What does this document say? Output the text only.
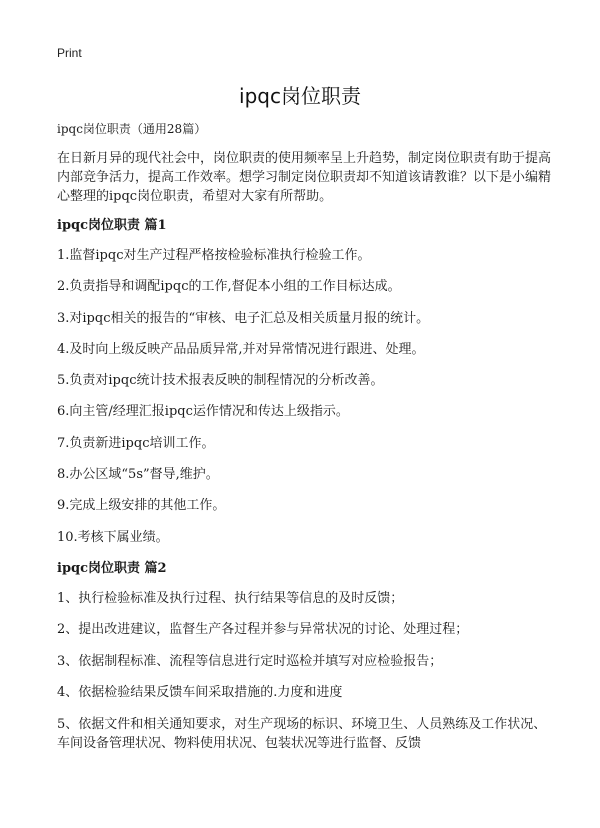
Print
ipqc岗位职责
ipqc岗位职责（通用28篇）
在日新月异的现代社会中，岗位职责的使用频率呈上升趋势，制定岗位职责有助于提高内部竞争活力，提高工作效率。想学习制定岗位职责却不知道该请教谁？以下是小编精心整理的ipqc岗位职责，希望对大家有所帮助。
ipqc岗位职责 篇1
1.监督ipqc对生产过程严格按检验标准执行检验工作。
2.负责指导和调配ipqc的工作,督促本小组的工作目标达成。
3.对ipqc相关的报告的“审核、电子汇总及相关质量月报的统计。
4.及时向上级反映产品品质异常,并对异常情况进行跟进、处理。
5.负责对ipqc统计技术报表反映的制程情况的分析改善。
6.向主管/经理汇报ipqc运作情况和传达上级指示。
7.负责新进ipqc培训工作。
8.办公区域“5s”督导,维护。
9.完成上级安排的其他工作。
10.考核下属业绩。
ipqc岗位职责 篇2
1、执行检验标准及执行过程、执行结果等信息的及时反馈；
2、提出改进建议，监督生产各过程并参与异常状况的讨论、处理过程；
3、依据制程标准、流程等信息进行定时巡检并填写对应检验报告；
4、依据检验结果反馈车间采取措施的.力度和进度
5、依据文件和相关通知要求，对生产现场的标识、环境卫生、人员熟练及工作状况、车间设备管理状况、物料使用状况、包装状况等进行监督、反馈
